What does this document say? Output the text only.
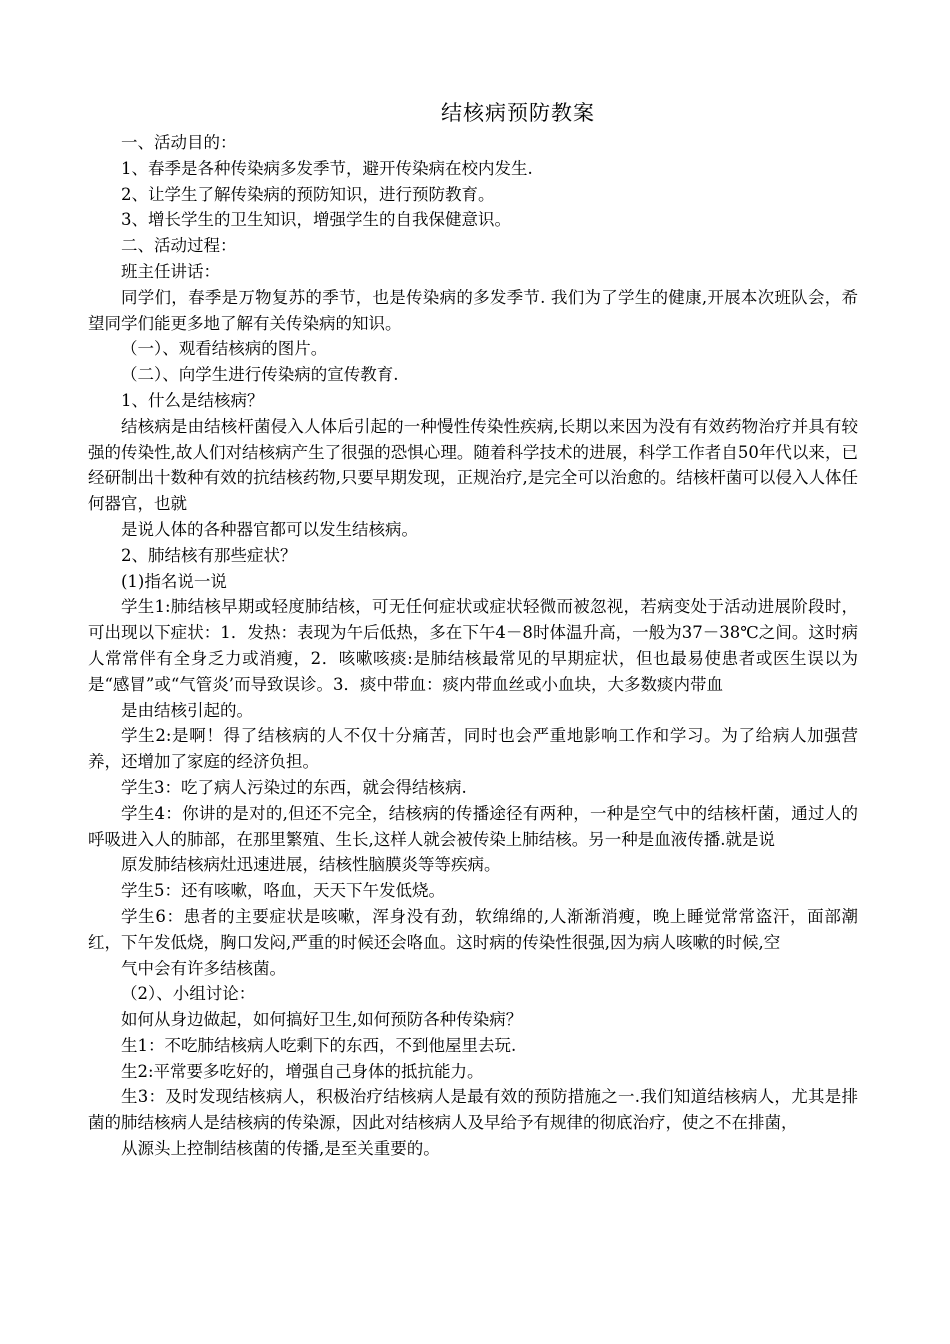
结核病预防教案

一、活动目的：

1、春季是各种传染病多发季节，避开传染病在校内发生.

2、让学生了解传染病的预防知识，进行预防教育。

3、增长学生的卫生知识，增强学生的自我保健意识。

二、活动过程：

班主任讲话：

同学们，春季是万物复苏的季节，也是传染病的多发季节. 我们为了学生的健康,开展本次班队会，希望同学们能更多地了解有关传染病的知识。

（一）、观看结核病的图片。

（二）、向学生进行传染病的宣传教育.

1、什么是结核病？

结核病是由结核杆菌侵入人体后引起的一种慢性传染性疾病,长期以来因为没有有效药物治疗并具有较强的传染性,故人们对结核病产生了很强的恐惧心理。随着科学技术的进展，科学工作者自50年代以来，已经研制出十数种有效的抗结核药物,只要早期发现，正规治疗,是完全可以治愈的。结核杆菌可以侵入人体任何器官，也就

是说人体的各种器官都可以发生结核病。

2、肺结核有那些症状？

(1)指名说一说

学生1:肺结核早期或轻度肺结核，可无任何症状或症状轻微而被忽视，若病变处于活动进展阶段时，可出现以下症状：1．发热：表现为午后低热，多在下午4－8时体温升高，一般为37－38℃之间。这时病人常常伴有全身乏力或消瘦，2．咳嗽咳痰:是肺结核最常见的早期症状，但也最易使患者或医生误以为是“感冒”或“气管炎’而导致误诊。3．痰中带血：痰内带血丝或小血块，大多数痰内带血

是由结核引起的。

学生2:是啊！得了结核病的人不仅十分痛苦，同时也会严重地影响工作和学习。为了给病人加强营养，还增加了家庭的经济负担。

学生3：吃了病人污染过的东西，就会得结核病.

学生4：你讲的是对的,但还不完全，结核病的传播途径有两种，一种是空气中的结核杆菌，通过人的呼吸进入人的肺部，在那里繁殖、生长,这样人就会被传染上肺结核。另一种是血液传播.就是说

原发肺结核病灶迅速进展，结核性脑膜炎等等疾病。

学生5：还有咳嗽，咯血，天天下午发低烧。

学生6：患者的主要症状是咳嗽，浑身没有劲，软绵绵的,人渐渐消瘦，晚上睡觉常常盗汗，面部潮红，下午发低烧，胸口发闷,严重的时候还会咯血。这时病的传染性很强,因为病人咳嗽的时候,空

气中会有许多结核菌。

（2）、小组讨论：

如何从身边做起，如何搞好卫生,如何预防各种传染病？

生1：不吃肺结核病人吃剩下的东西，不到他屋里去玩.

生2:平常要多吃好的，增强自己身体的抵抗能力。

生3：及时发现结核病人，积极治疗结核病人是最有效的预防措施之一.我们知道结核病人，尤其是排菌的肺结核病人是结核病的传染源，因此对结核病人及早给予有规律的彻底治疗，使之不在排菌，

从源头上控制结核菌的传播,是至关重要的。
